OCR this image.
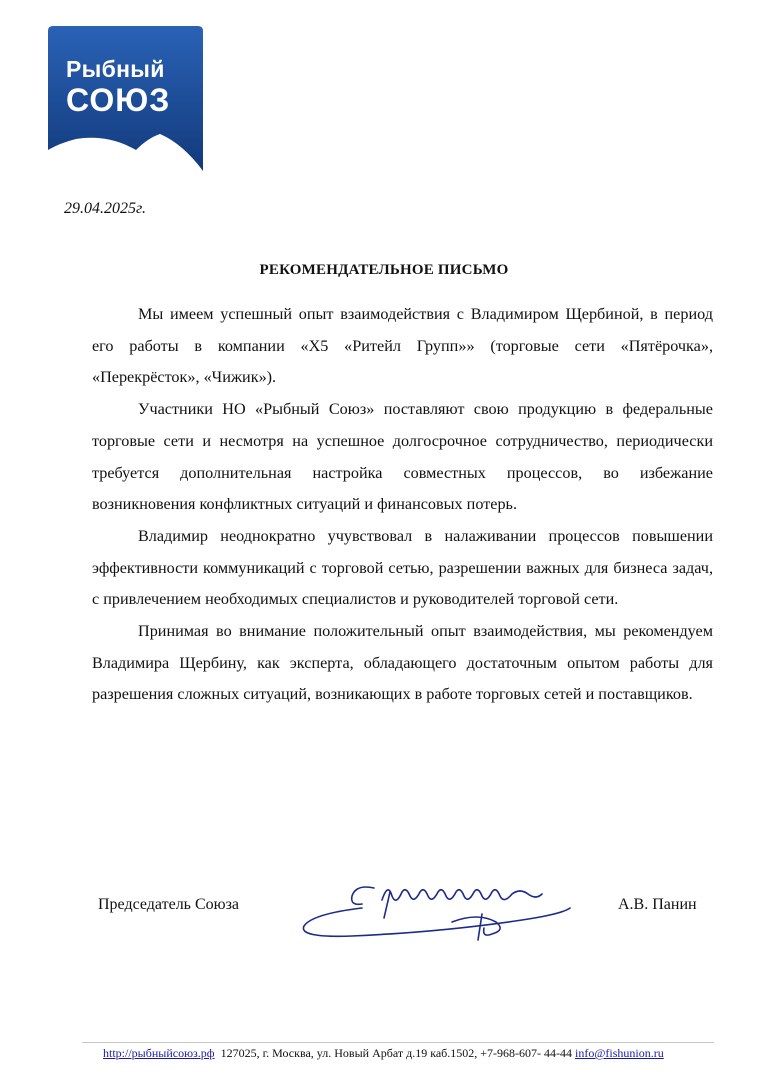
Рыбный
СОЮЗ
29.04.2025г.
РЕКОМЕНДАТЕЛЬНОЕ ПИСЬМО

Мы имеем успешный опыт взаимодействия с Владимиром Щербиной, в период его работы в компании «Х5 «Ритейл Групп»» (торговые сети «Пятёрочка», «Перекрёсток», «Чижик»).

Участники НО «Рыбный Союз» поставляют свою продукцию в федеральные торговые сети и несмотря на успешное долгосрочное сотрудничество, периодически требуется дополнительная настройка совместных процессов, во избежание возникновения конфликтных ситуаций и финансовых потерь.

Владимир неоднократно учувствовал в налаживании процессов повышении эффективности коммуникаций с торговой сетью, разрешении важных для бизнеса задач, с привлечением необходимых специалистов и руководителей торговой сети.

Принимая во внимание положительный опыт взаимодействия, мы рекомендуем Владимира Щербину, как эксперта, обладающего достаточным опытом работы для разрешения сложных ситуаций, возникающих в работе торговых сетей и поставщиков.

Председатель Союза	А.В. Панин
http://рыбныйсоюз.рф 127025, г. Москва, ул. Новый Арбат д.19 каб.1502, +7-968-607- 44-44 info@fishunion.ru
